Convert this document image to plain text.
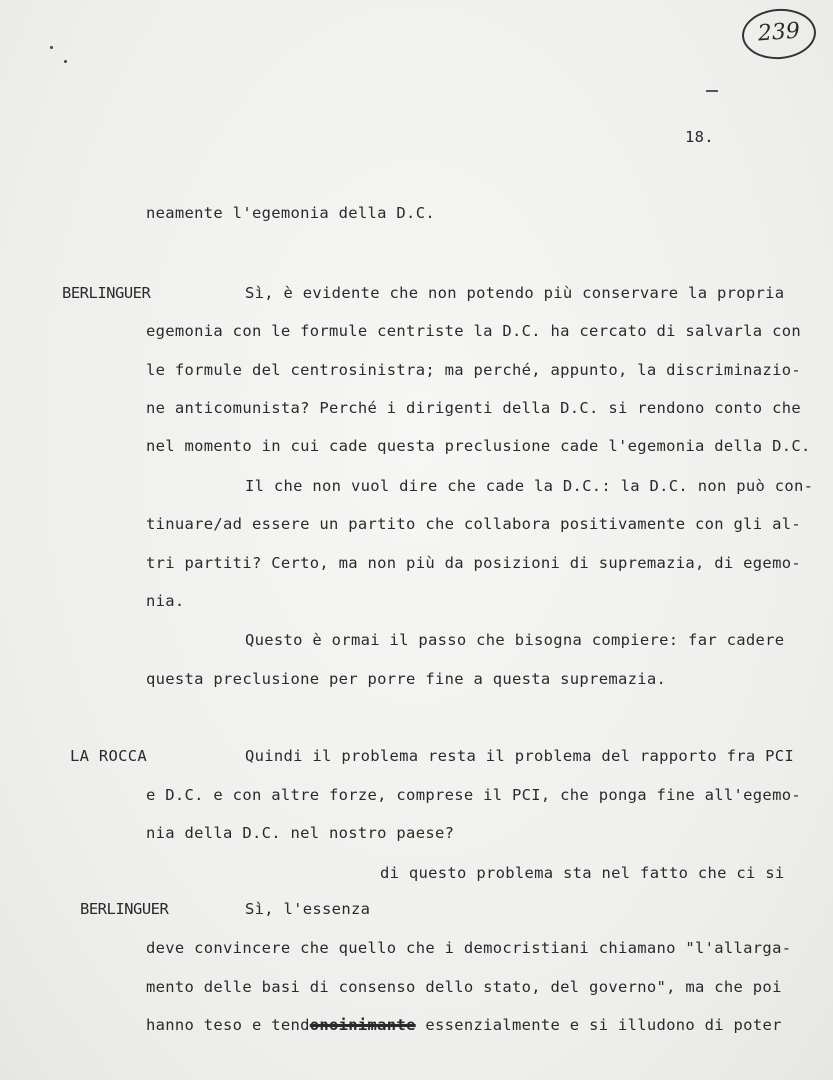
239
18.
neamente l'egemonia della D.C.
BERLINGUER	Sì, è evidente che non potendo più conservare la propria
egemonia con le formule centriste la D.C. ha cercato di salvarla con
le formule del centrosinistra; ma perché, appunto, la discriminazio-
ne anticomunista? Perché i dirigenti della D.C. si rendono conto che
nel momento in cui cade questa preclusione cade l'egemonia della D.C.
Il che non vuol dire che cade la D.C.: la D.C. non può con-
tinuare/ad essere un partito che collabora positivamente con gli al-
tri partiti? Certo, ma non più da posizioni di supremazia, di egemo-
nia.
Questo è ormai il passo che bisogna compiere: far cadere
questa preclusione per porre fine a questa supremazia.
LA ROCCA	Quindi il problema resta il problema del rapporto fra PCI
e D.C. e con altre forze, comprese il PCI, che ponga fine all'egemo-
nia della D.C. nel nostro paese?
di questo problema sta nel fatto che ci si
BERLINGUER	Sì, l'essenza
deve convincere che quello che i democristiani chiamano "l'allarga-
mento delle basi di consenso dello stato, del governo", ma che poi
hanno teso e tendonoinimante essenzialmente e si illudono di poter
